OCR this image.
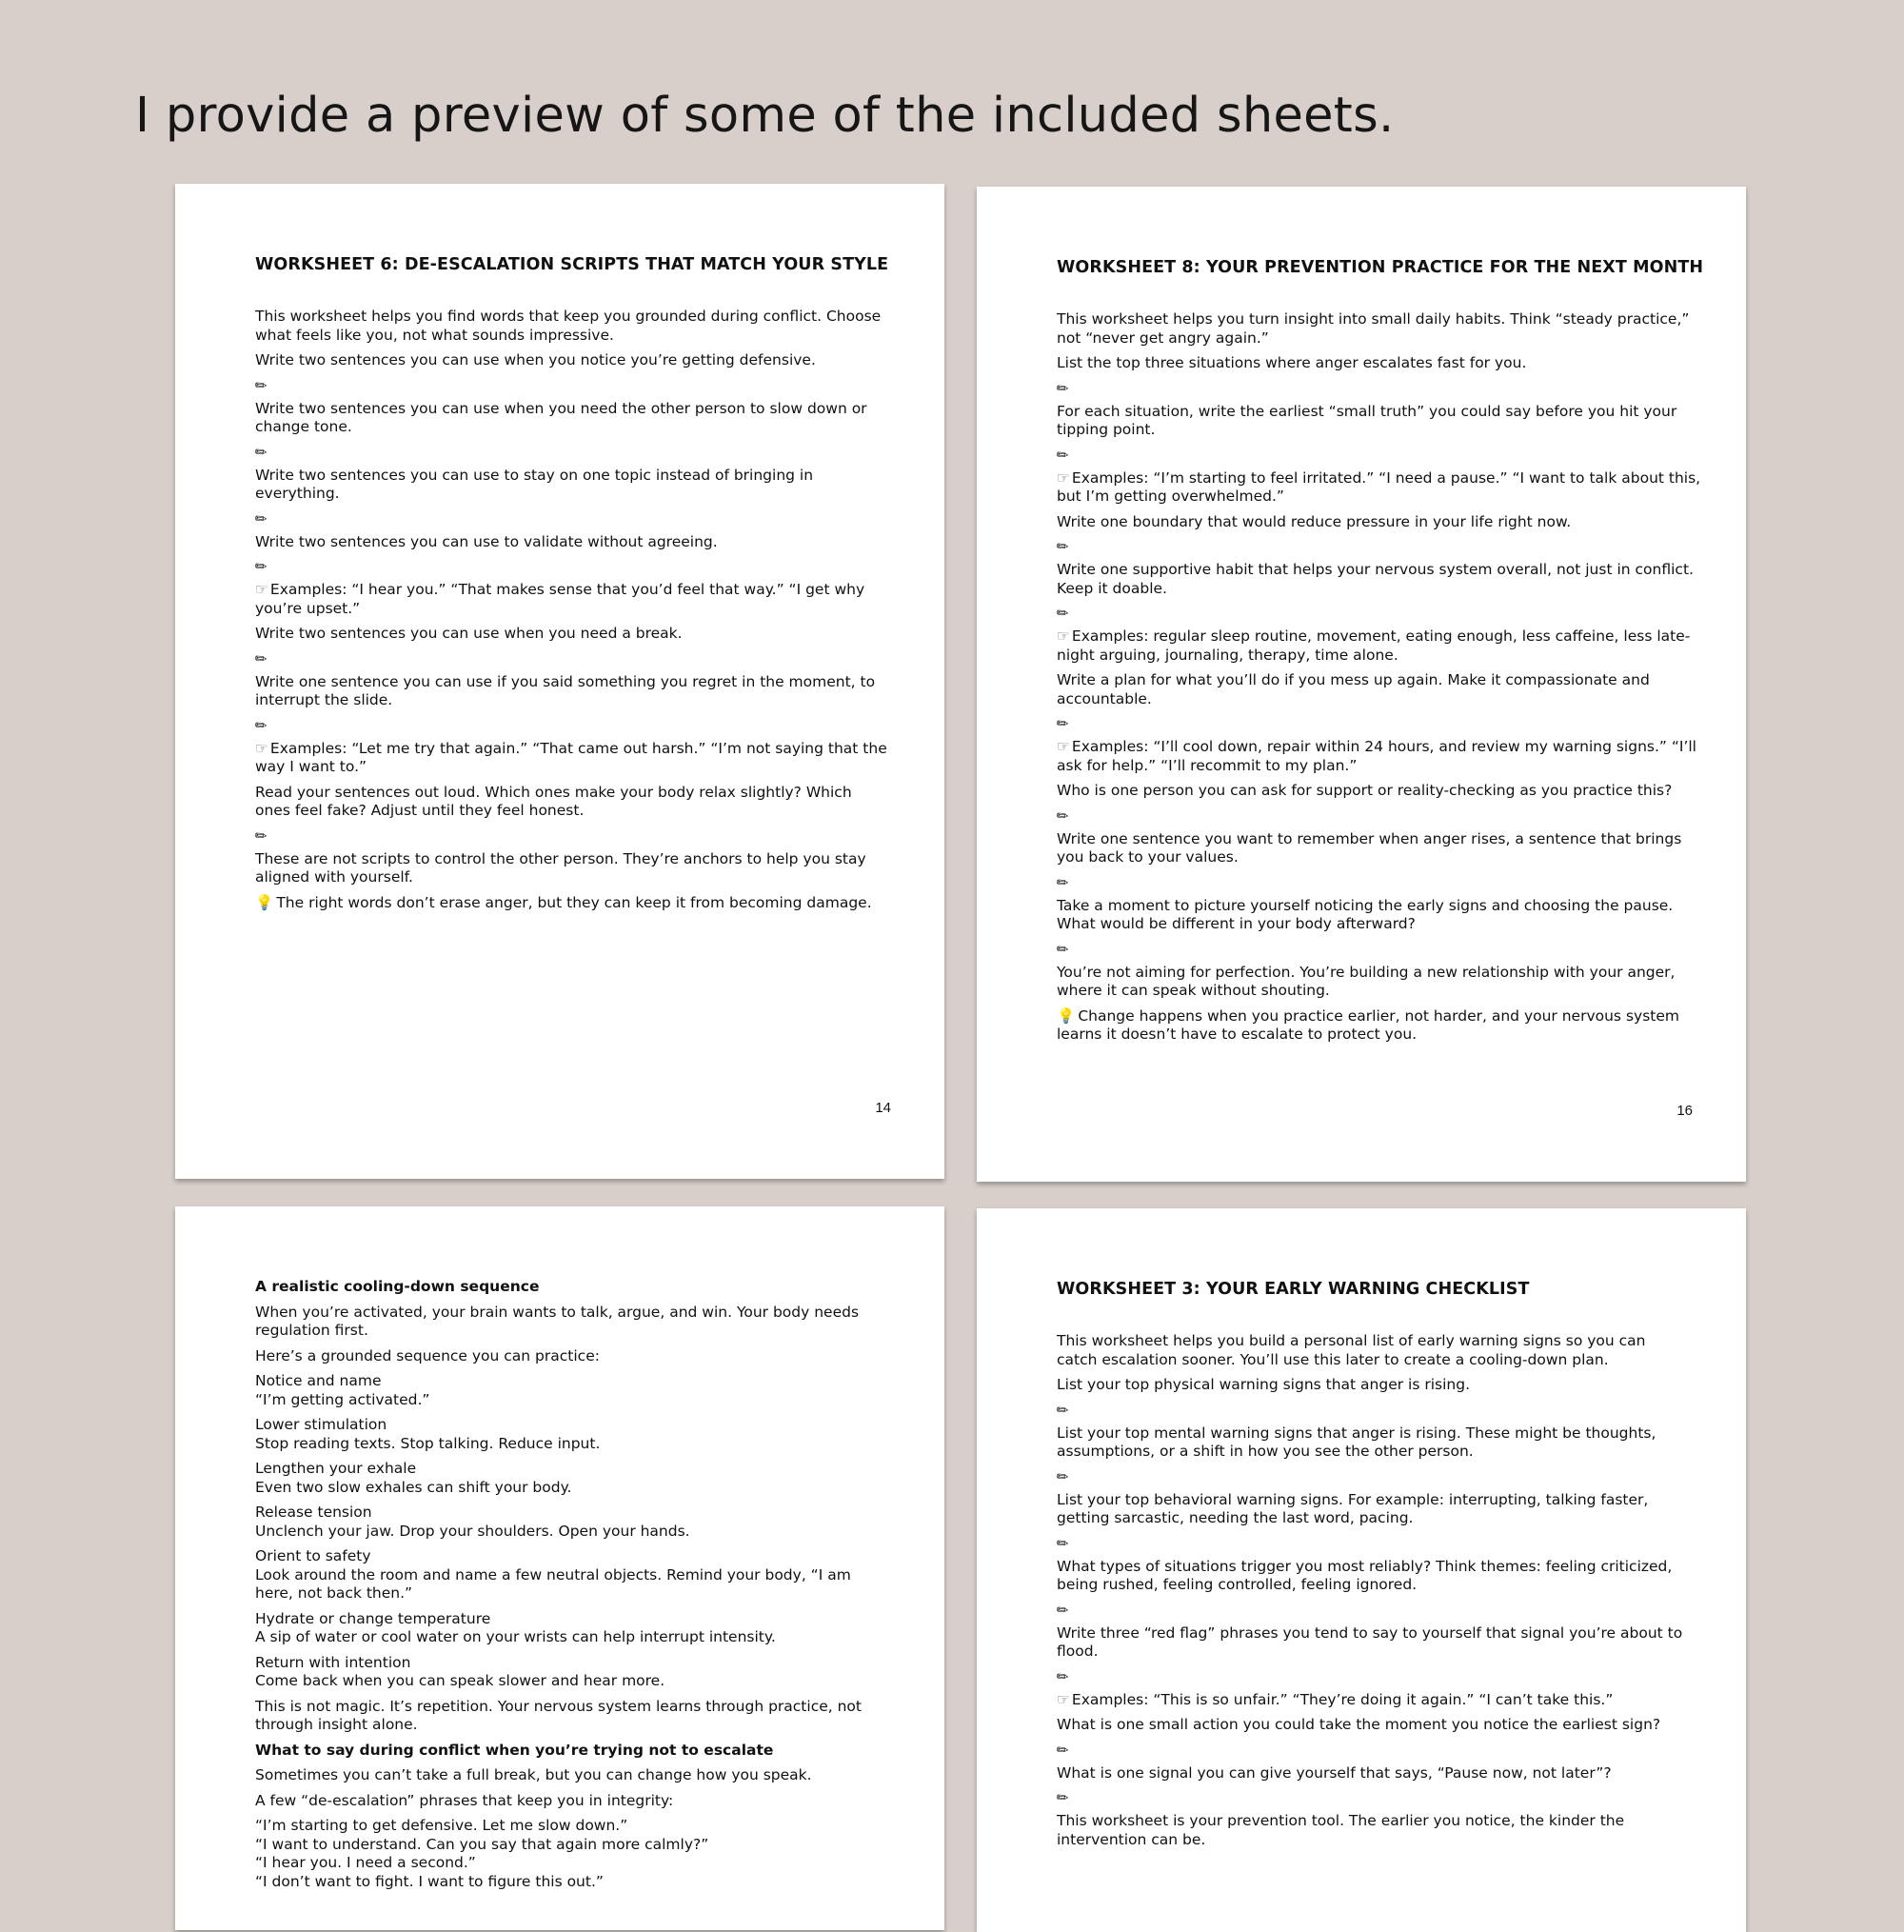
I provide a preview of some of the included sheets.
WORKSHEET 6: DE-ESCALATION SCRIPTS THAT MATCH YOUR STYLE

This worksheet helps you find words that keep you grounded during conflict. Choose what feels like you, not what sounds impressive.

Write two sentences you can use when you notice you’re getting defensive.

✎

Write two sentences you can use when you need the other person to slow down or change tone.

✎

Write two sentences you can use to stay on one topic instead of bringing in everything.

✎

Write two sentences you can use to validate without agreeing.

✎

☞ Examples: “I hear you.” “That makes sense that you’d feel that way.” “I get why you’re upset.”

Write two sentences you can use when you need a break.

✎

Write one sentence you can use if you said something you regret in the moment, to interrupt the slide.

✎

☞ Examples: “Let me try that again.” “That came out harsh.” “I’m not saying that the way I want to.”

Read your sentences out loud. Which ones make your body relax slightly? Which ones feel fake? Adjust until they feel honest.

✎

These are not scripts to control the other person. They’re anchors to help you stay aligned with yourself.

💡 The right words don’t erase anger, but they can keep it from becoming damage.

14
WORKSHEET 8: YOUR PREVENTION PRACTICE FOR THE NEXT MONTH

This worksheet helps you turn insight into small daily habits. Think “steady practice,” not “never get angry again.”

List the top three situations where anger escalates fast for you.

✎

For each situation, write the earliest “small truth” you could say before you hit your tipping point.

✎

☞ Examples: “I’m starting to feel irritated.” “I need a pause.” “I want to talk about this, but I’m getting overwhelmed.”

Write one boundary that would reduce pressure in your life right now.

✎

Write one supportive habit that helps your nervous system overall, not just in conflict. Keep it doable.

✎

☞ Examples: regular sleep routine, movement, eating enough, less caffeine, less late-night arguing, journaling, therapy, time alone.

Write a plan for what you’ll do if you mess up again. Make it compassionate and accountable.

✎

☞ Examples: “I’ll cool down, repair within 24 hours, and review my warning signs.” “I’ll ask for help.” “I’ll recommit to my plan.”

Who is one person you can ask for support or reality-checking as you practice this?

✎

Write one sentence you want to remember when anger rises, a sentence that brings you back to your values.

✎

Take a moment to picture yourself noticing the early signs and choosing the pause. What would be different in your body afterward?

✎

You’re not aiming for perfection. You’re building a new relationship with your anger, where it can speak without shouting.

💡 Change happens when you practice earlier, not harder, and your nervous system learns it doesn’t have to escalate to protect you.

16
A realistic cooling-down sequence

When you’re activated, your brain wants to talk, argue, and win. Your body needs regulation first.

Here’s a grounded sequence you can practice:

Notice and name
“I’m getting activated.”
Lower stimulation
Stop reading texts. Stop talking. Reduce input.
Lengthen your exhale
Even two slow exhales can shift your body.
Release tension
Unclench your jaw. Drop your shoulders. Open your hands.
Orient to safety
Look around the room and name a few neutral objects. Remind your body, “I am here, not back then.”
Hydrate or change temperature
A sip of water or cool water on your wrists can help interrupt intensity.
Return with intention
Come back when you can speak slower and hear more.

This is not magic. It’s repetition. Your nervous system learns through practice, not through insight alone.

What to say during conflict when you’re trying not to escalate

Sometimes you can’t take a full break, but you can change how you speak.

A few “de-escalation” phrases that keep you in integrity:

“I’m starting to get defensive. Let me slow down.”
“I want to understand. Can you say that again more calmly?”
“I hear you. I need a second.”
“I don’t want to fight. I want to figure this out.”
WORKSHEET 3: YOUR EARLY WARNING CHECKLIST

This worksheet helps you build a personal list of early warning signs so you can catch escalation sooner. You’ll use this later to create a cooling-down plan.

List your top physical warning signs that anger is rising.

✎

List your top mental warning signs that anger is rising. These might be thoughts, assumptions, or a shift in how you see the other person.

✎

List your top behavioral warning signs. For example: interrupting, talking faster, getting sarcastic, needing the last word, pacing.

✎

What types of situations trigger you most reliably? Think themes: feeling criticized, being rushed, feeling controlled, feeling ignored.

✎

Write three “red flag” phrases you tend to say to yourself that signal you’re about to flood.

✎

☞ Examples: “This is so unfair.” “They’re doing it again.” “I can’t take this.”

What is one small action you could take the moment you notice the earliest sign?

✎

What is one signal you can give yourself that says, “Pause now, not later”?

✎

This worksheet is your prevention tool. The earlier you notice, the kinder the intervention can be.
